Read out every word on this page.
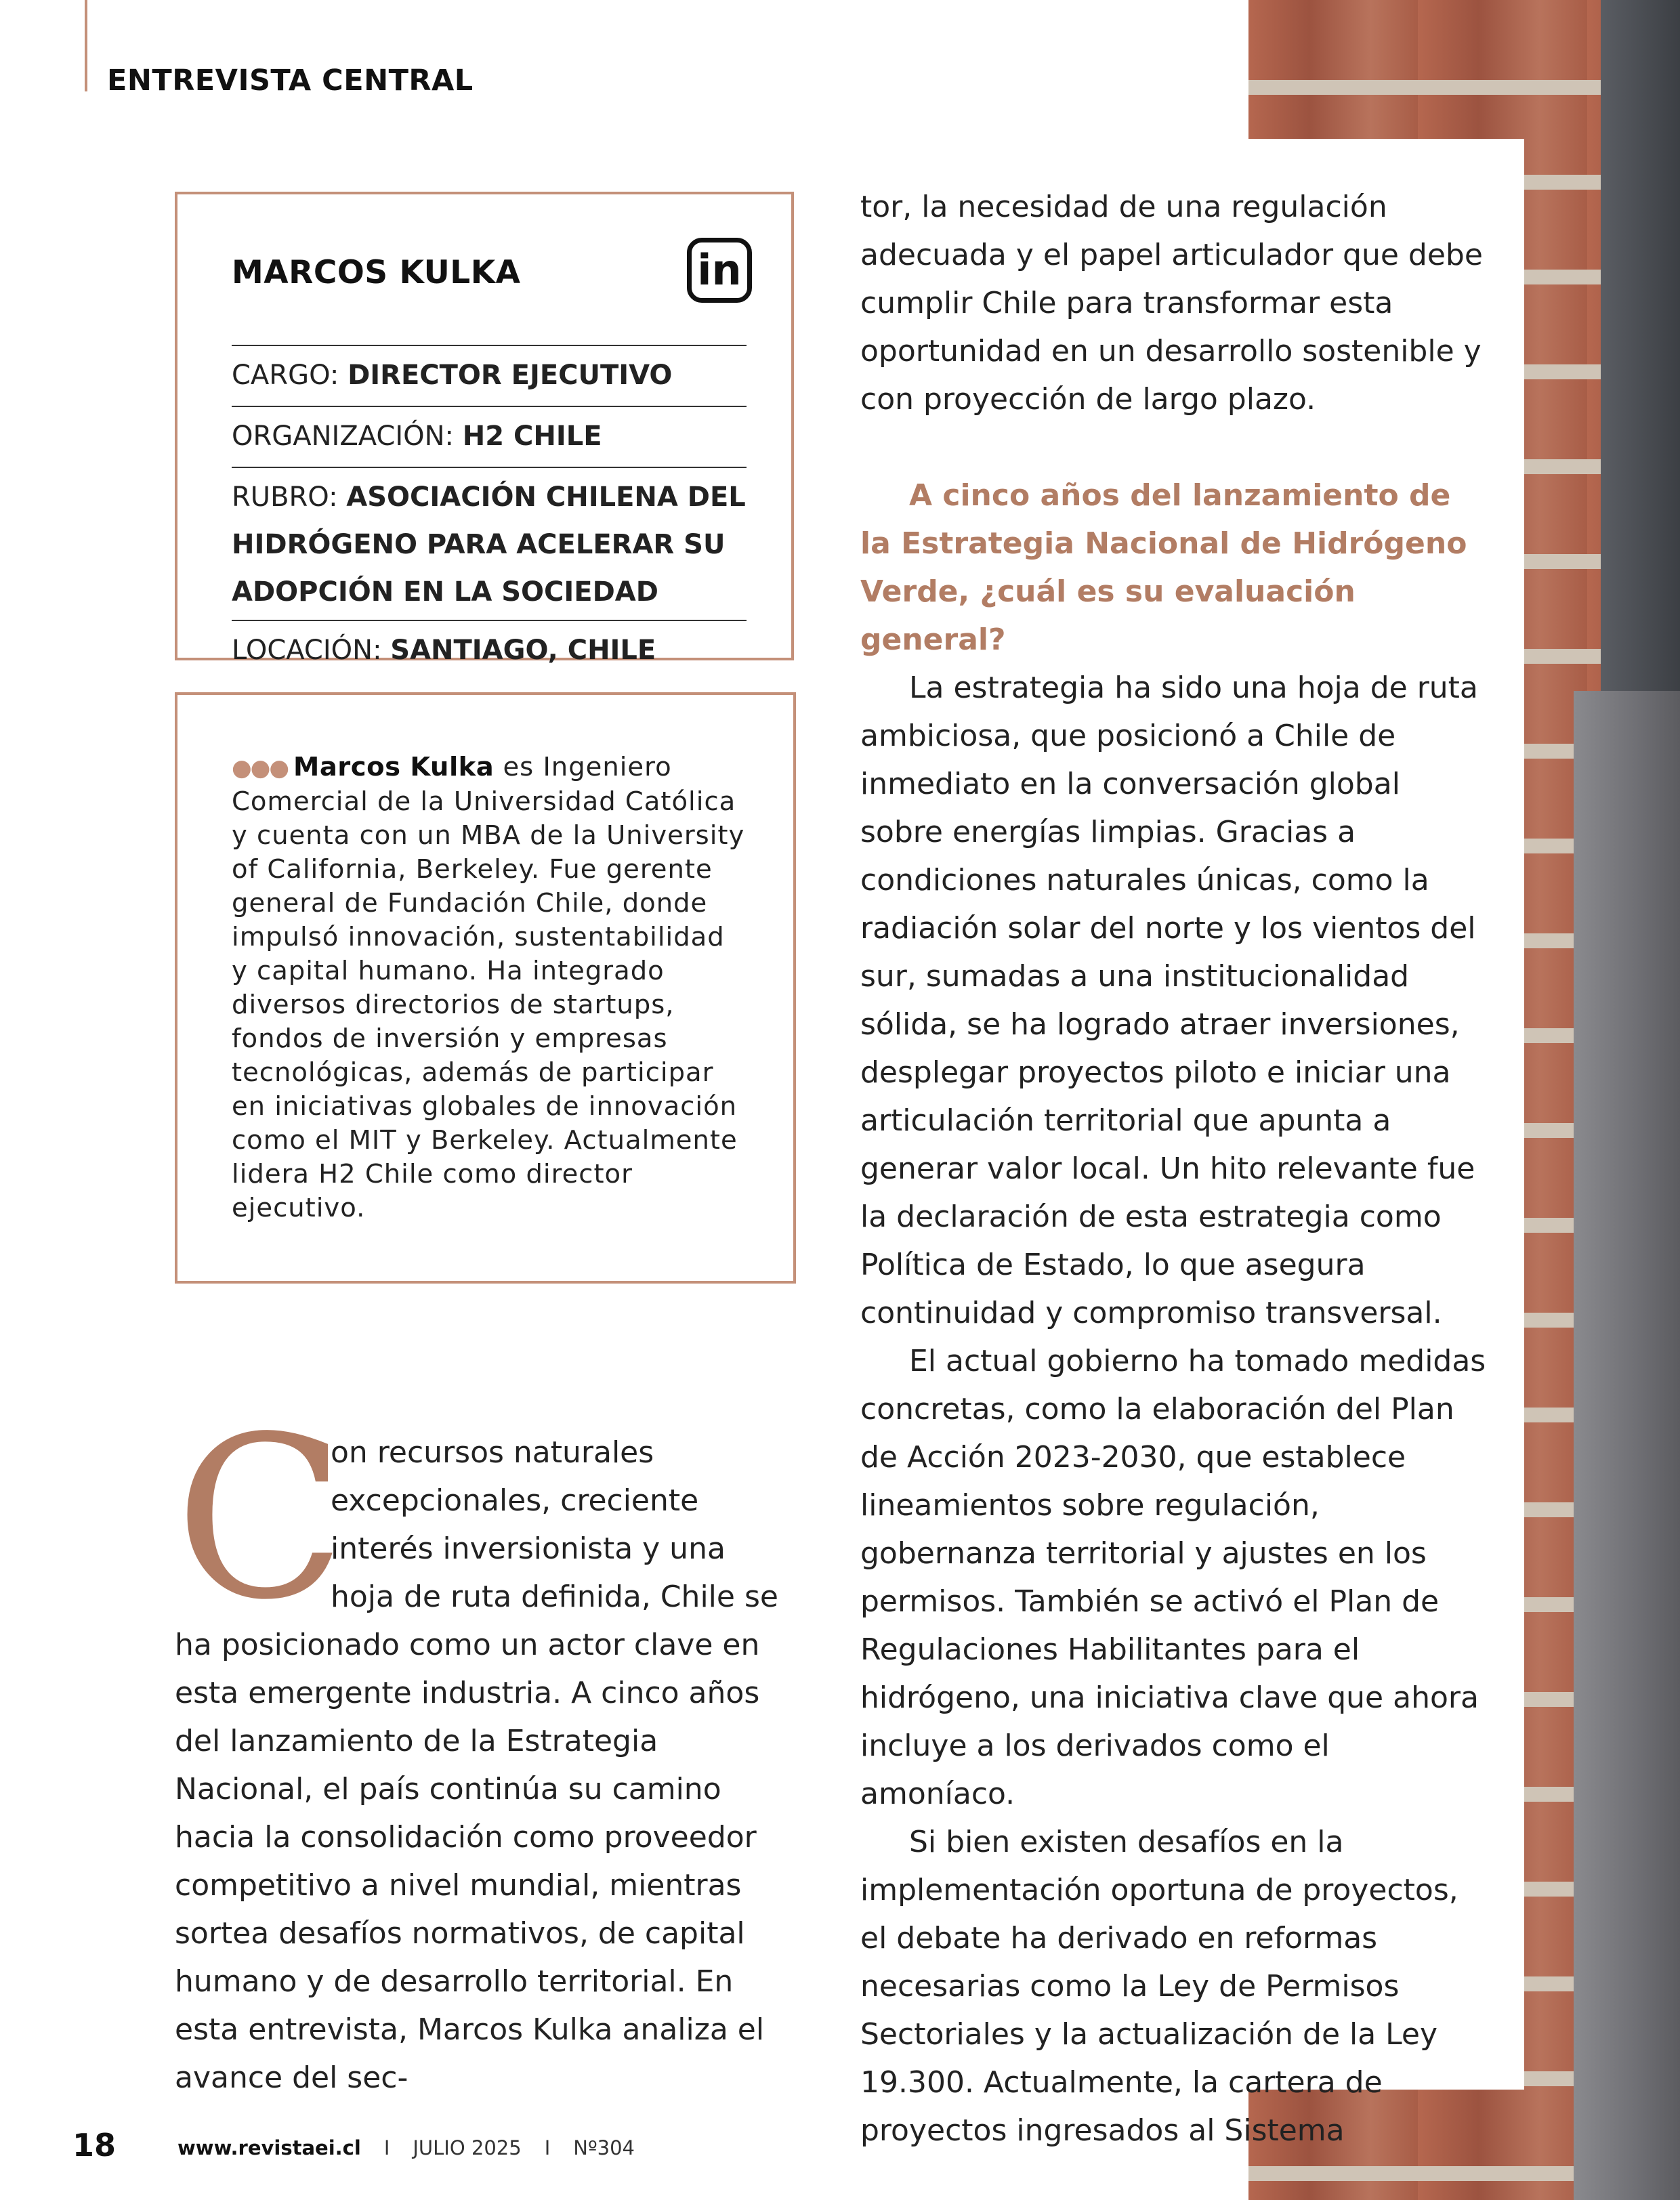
ENTREVISTA CENTRAL
MARCOS KULKA	in
CARGO: DIRECTOR EJECUTIVO
ORGANIZACIÓN: H2 CHILE
RUBRO: ASOCIACIÓN CHILENA DEL HIDRÓGENO PARA ACELERAR SU ADOPCIÓN EN LA SOCIEDAD
LOCACIÓN: SANTIAGO, CHILE
●●● Marcos Kulka es Ingeniero Comercial de la Universidad Católica y cuenta con un MBA de la University of California, Berkeley. Fue gerente general de Fundación Chile, donde impulsó innovación, sustentabilidad y capital humano. Ha integrado diversos directorios de startups, fondos de inversión y empresas tecnológicas, además de participar en iniciativas globales de innovación como el MIT y Berkeley. Actualmente lidera H2 Chile como director ejecutivo.
C

on recursos naturales excepcionales, creciente interés inversionista y una hoja de ruta definida, Chile se ha posicionado como un actor clave en esta emergente industria. A cinco años del lanzamiento de la Estrategia Nacional, el país continúa su camino hacia la consolidación como proveedor competitivo a nivel mundial, mientras sortea desafíos normativos, de capital humano y de desarrollo territorial. En esta entrevista, Marcos Kulka analiza el avance del sec-

tor, la necesidad de una regulación adecuada y el papel articulador que debe cumplir Chile para transformar esta oportunidad en un desarrollo sostenible y con proyección de largo plazo.

A cinco años del lanzamiento de la Estrategia Nacional de Hidrógeno Verde, ¿cuál es su evaluación general?

La estrategia ha sido una hoja de ruta ambiciosa, que posicionó a Chile de inmediato en la conversación global sobre energías limpias. Gracias a condiciones naturales únicas, como la radiación solar del norte y los vientos del sur, sumadas a una institucionalidad sólida, se ha logrado atraer inversiones, desplegar proyectos piloto e iniciar una articulación territorial que apunta a generar valor local. Un hito relevante fue la declaración de esta estrategia como Política de Estado, lo que asegura continuidad y compromiso transversal.

El actual gobierno ha tomado medidas concretas, como la elaboración del Plan de Acción 2023-2030, que establece lineamientos sobre regulación, gobernanza territorial y ajustes en los permisos. También se activó el Plan de Regulaciones Habilitantes para el hidrógeno, una iniciativa clave que ahora incluye a los derivados como el amoníaco.

Si bien existen desafíos en la implementación oportuna de proyectos, el debate ha derivado en reformas necesarias como la Ley de Permisos Sectoriales y la actualización de la Ley 19.300. Actualmente, la cartera de proyectos ingresados al Sistema

18	www.revistaei.cl I JULIO 2025 I Nº304
